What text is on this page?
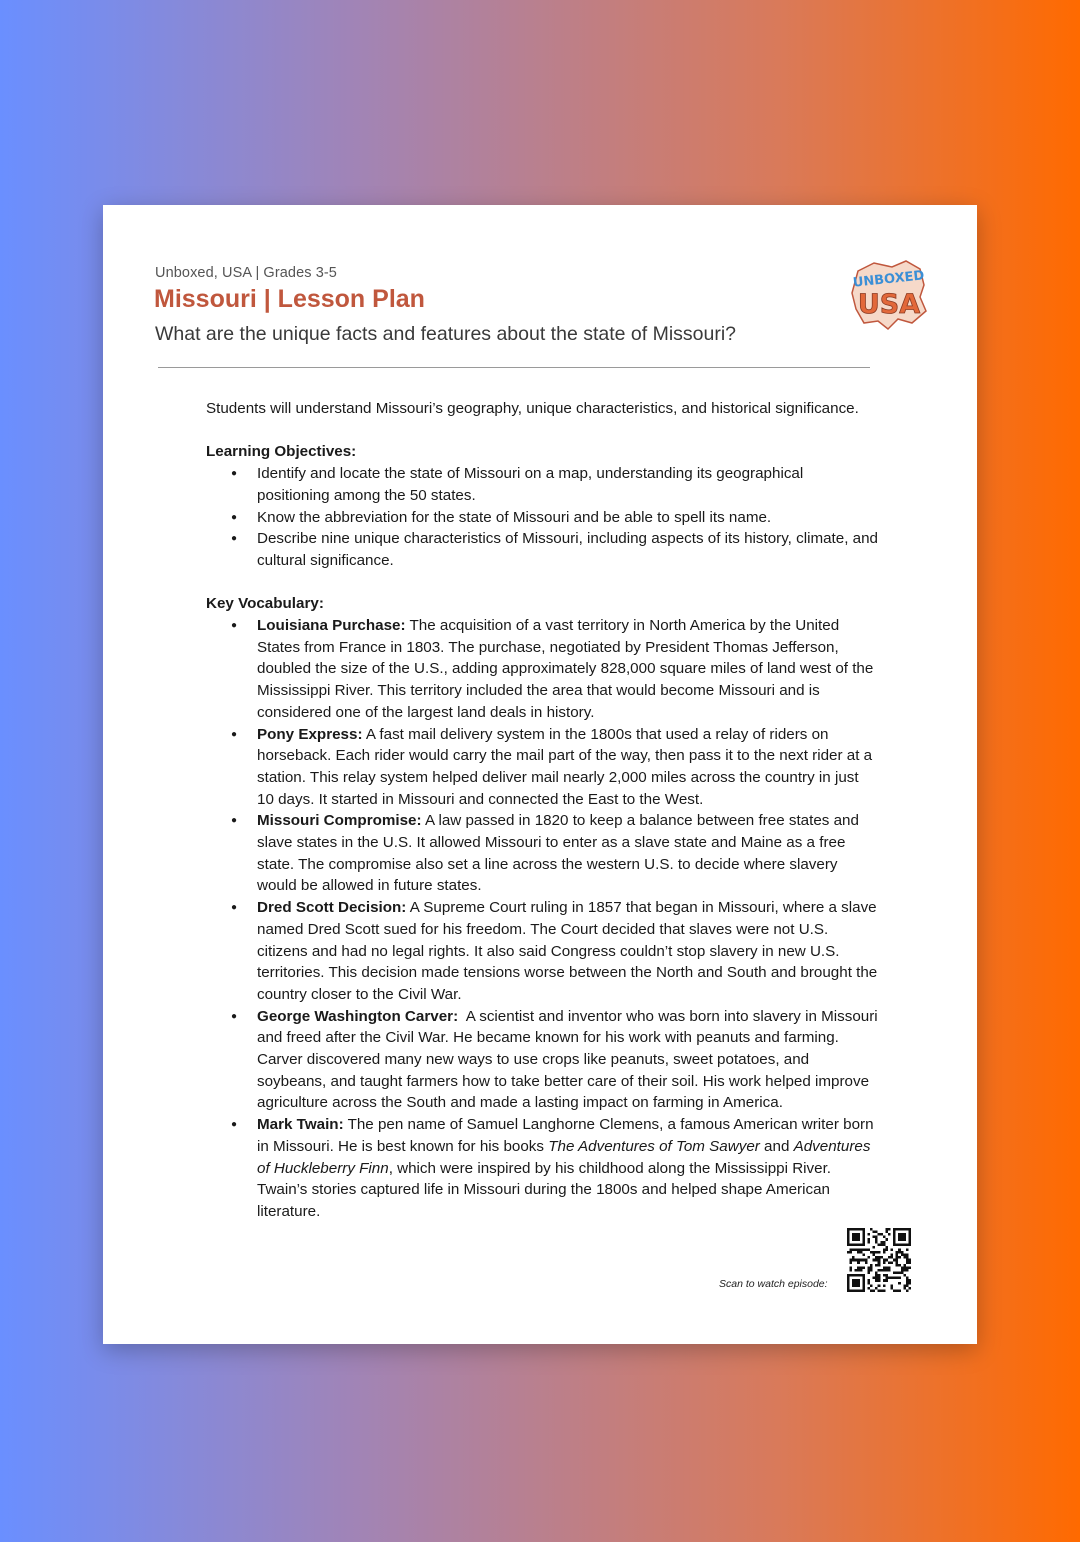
Unboxed, USA | Grades 3-5
Missouri | Lesson Plan
What are the unique facts and features about the state of Missouri?
UNBOXED
USA

Students will understand Missouri’s geography, unique characteristics, and historical significance.

Learning Objectives:

● Identify and locate the state of Missouri on a map, understanding its geographical positioning among the 50 states.
● Know the abbreviation for the state of Missouri and be able to spell its name.
● Describe nine unique characteristics of Missouri, including aspects of its history, climate, and cultural significance.

Key Vocabulary:

● Louisiana Purchase: The acquisition of a vast territory in North America by the United States from France in 1803. The purchase, negotiated by President Thomas Jefferson, doubled the size of the U.S., adding approximately 828,000 square miles of land west of the Mississippi River. This territory included the area that would become Missouri and is considered one of the largest land deals in history.
● Pony Express: A fast mail delivery system in the 1800s that used a relay of riders on horseback. Each rider would carry the mail part of the way, then pass it to the next rider at a station. This relay system helped deliver mail nearly 2,000 miles across the country in just 10 days. It started in Missouri and connected the East to the West.
● Missouri Compromise: A law passed in 1820 to keep a balance between free states and slave states in the U.S. It allowed Missouri to enter as a slave state and Maine as a free state. The compromise also set a line across the western U.S. to decide where slavery would be allowed in future states.
● Dred Scott Decision: A Supreme Court ruling in 1857 that began in Missouri, where a slave named Dred Scott sued for his freedom. The Court decided that slaves were not U.S. citizens and had no legal rights. It also said Congress couldn’t stop slavery in new U.S. territories. This decision made tensions worse between the North and South and brought the country closer to the Civil War.
● George Washington Carver:  A scientist and inventor who was born into slavery in Missouri and freed after the Civil War. He became known for his work with peanuts and farming. Carver discovered many new ways to use crops like peanuts, sweet potatoes, and soybeans, and taught farmers how to take better care of their soil. His work helped improve agriculture across the South and made a lasting impact on farming in America.
● Mark Twain: The pen name of Samuel Langhorne Clemens, a famous American writer born in Missouri. He is best known for his books The Adventures of Tom Sawyer and Adventures of Huckleberry Finn, which were inspired by his childhood along the Mississippi River. Twain’s stories captured life in Missouri during the 1800s and helped shape American literature.
Scan to watch episode:
